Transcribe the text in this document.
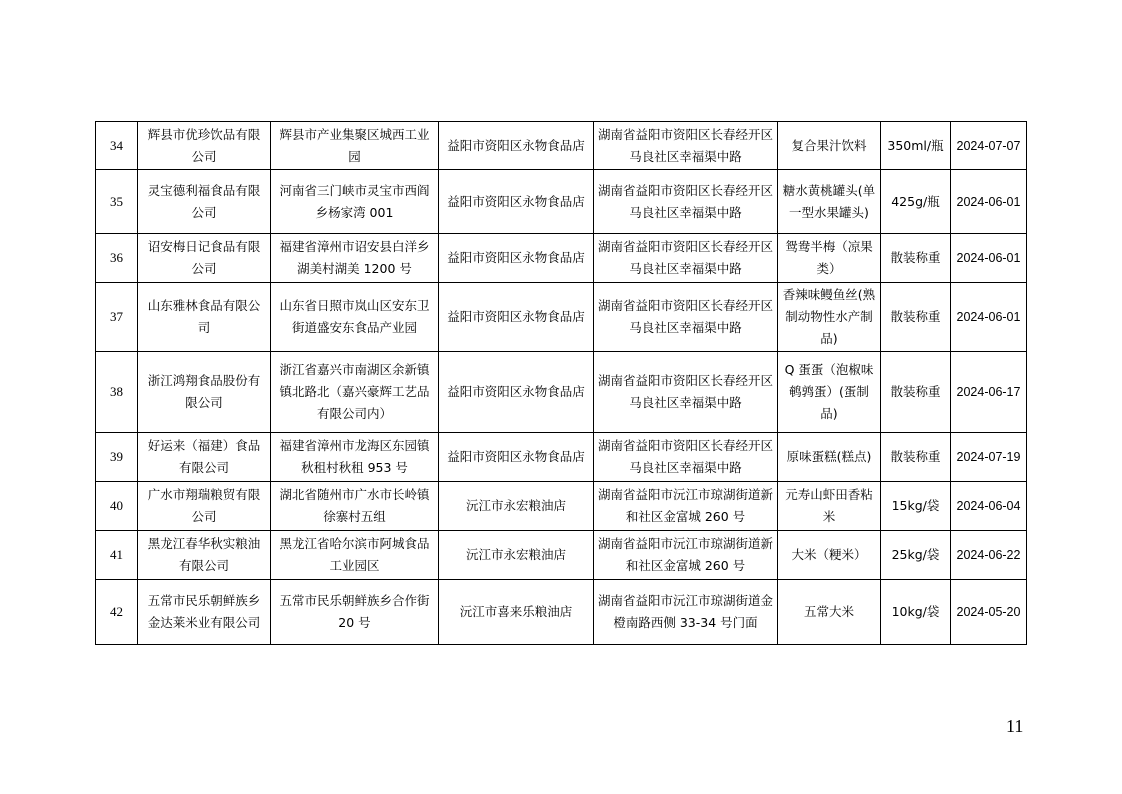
34	辉县市优珍饮品有限公司	辉县市产业集聚区城西工业园	益阳市资阳区永物食品店	湖南省益阳市资阳区长春经开区马良社区幸福渠中路	复合果汁饮料	350ml/瓶	2024-07-07
35	灵宝德利福食品有限公司	河南省三门峡市灵宝市西阎乡杨家湾 001	益阳市资阳区永物食品店	湖南省益阳市资阳区长春经开区马良社区幸福渠中路	糖水黄桃罐头(单一型水果罐头)	425g/瓶	2024-06-01
36	诏安梅日记食品有限公司	福建省漳州市诏安县白洋乡湖美村湖美 1200 号	益阳市资阳区永物食品店	湖南省益阳市资阳区长春经开区马良社区幸福渠中路	鸳鸯半梅（凉果类）	散装称重	2024-06-01
37	山东雅林食品有限公司	山东省日照市岚山区安东卫街道盛安东食品产业园	益阳市资阳区永物食品店	湖南省益阳市资阳区长春经开区马良社区幸福渠中路	香辣味鳗鱼丝(熟制动物性水产制品)	散装称重	2024-06-01
38	浙江鸿翔食品股份有限公司	浙江省嘉兴市南湖区余新镇镇北路北（嘉兴豪辉工艺品有限公司内）	益阳市资阳区永物食品店	湖南省益阳市资阳区长春经开区马良社区幸福渠中路	Q 蛋蛋（泡椒味鹌鹑蛋）(蛋制品)	散装称重	2024-06-17
39	好运来（福建）食品有限公司	福建省漳州市龙海区东园镇秋租村秋租 953 号	益阳市资阳区永物食品店	湖南省益阳市资阳区长春经开区马良社区幸福渠中路	原味蛋糕(糕点)	散装称重	2024-07-19
40	广水市翔瑞粮贸有限公司	湖北省随州市广水市长岭镇徐寨村五组	沅江市永宏粮油店	湖南省益阳市沅江市琼湖街道新和社区金富城 260 号	元寿山虾田香粘米	15kg/袋	2024-06-04
41	黑龙江春华秋实粮油有限公司	黑龙江省哈尔滨市阿城食品工业园区	沅江市永宏粮油店	湖南省益阳市沅江市琼湖街道新和社区金富城 260 号	大米（粳米）	25kg/袋	2024-06-22
42	五常市民乐朝鲜族乡金达莱米业有限公司	五常市民乐朝鲜族乡合作街 20 号	沅江市喜来乐粮油店	湖南省益阳市沅江市琼湖街道金橙南路西侧 33-34 号门面	五常大米	10kg/袋	2024-05-20
11
